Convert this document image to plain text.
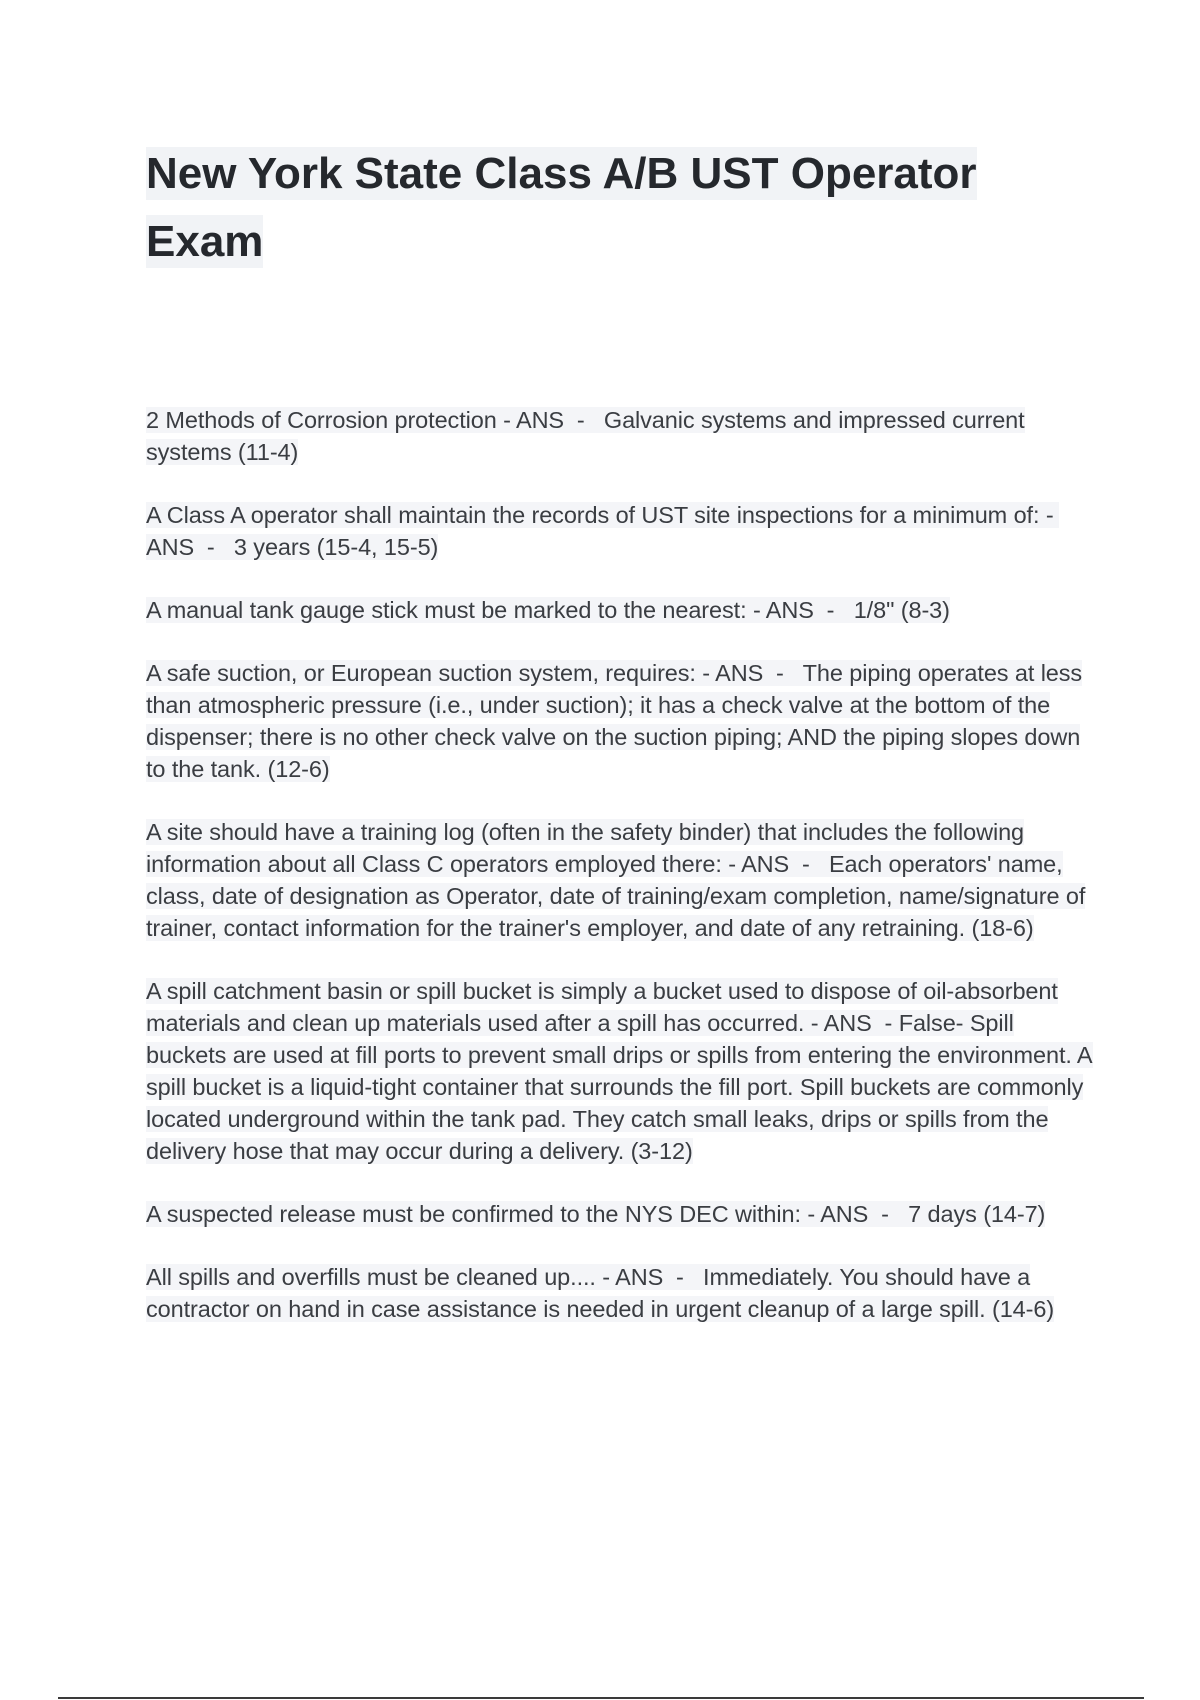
New York State Class A/B UST Operator Exam

2 Methods of Corrosion protection - ANS  -   Galvanic systems and impressed current systems (11-4)

A Class A operator shall maintain the records of UST site inspections for a minimum of: - ANS  -   3 years (15-4, 15-5)

A manual tank gauge stick must be marked to the nearest: - ANS  -   1/8" (8-3)

A safe suction, or European suction system, requires: - ANS  -   The piping operates at less than atmospheric pressure (i.e., under suction); it has a check valve at the bottom of the dispenser; there is no other check valve on the suction piping; AND the piping slopes down to the tank. (12-6)

A site should have a training log (often in the safety binder) that includes the following information about all Class C operators employed there: - ANS  -   Each operators' name, class, date of designation as Operator, date of training/exam completion, name/signature of trainer, contact information for the trainer's employer, and date of any retraining. (18-6)

A spill catchment basin or spill bucket is simply a bucket used to dispose of oil-absorbent materials and clean up materials used after a spill has occurred. - ANS  - False- Spill buckets are used at fill ports to prevent small drips or spills from entering the environment. A spill bucket is a liquid-tight container that surrounds the fill port. Spill buckets are commonly located underground within the tank pad. They catch small leaks, drips or spills from the delivery hose that may occur during a delivery. (3-12)

A suspected release must be confirmed to the NYS DEC within: - ANS  -   7 days (14-7)

All spills and overfills must be cleaned up.... - ANS  -   Immediately. You should have a contractor on hand in case assistance is needed in urgent cleanup of a large spill. (14-6)
